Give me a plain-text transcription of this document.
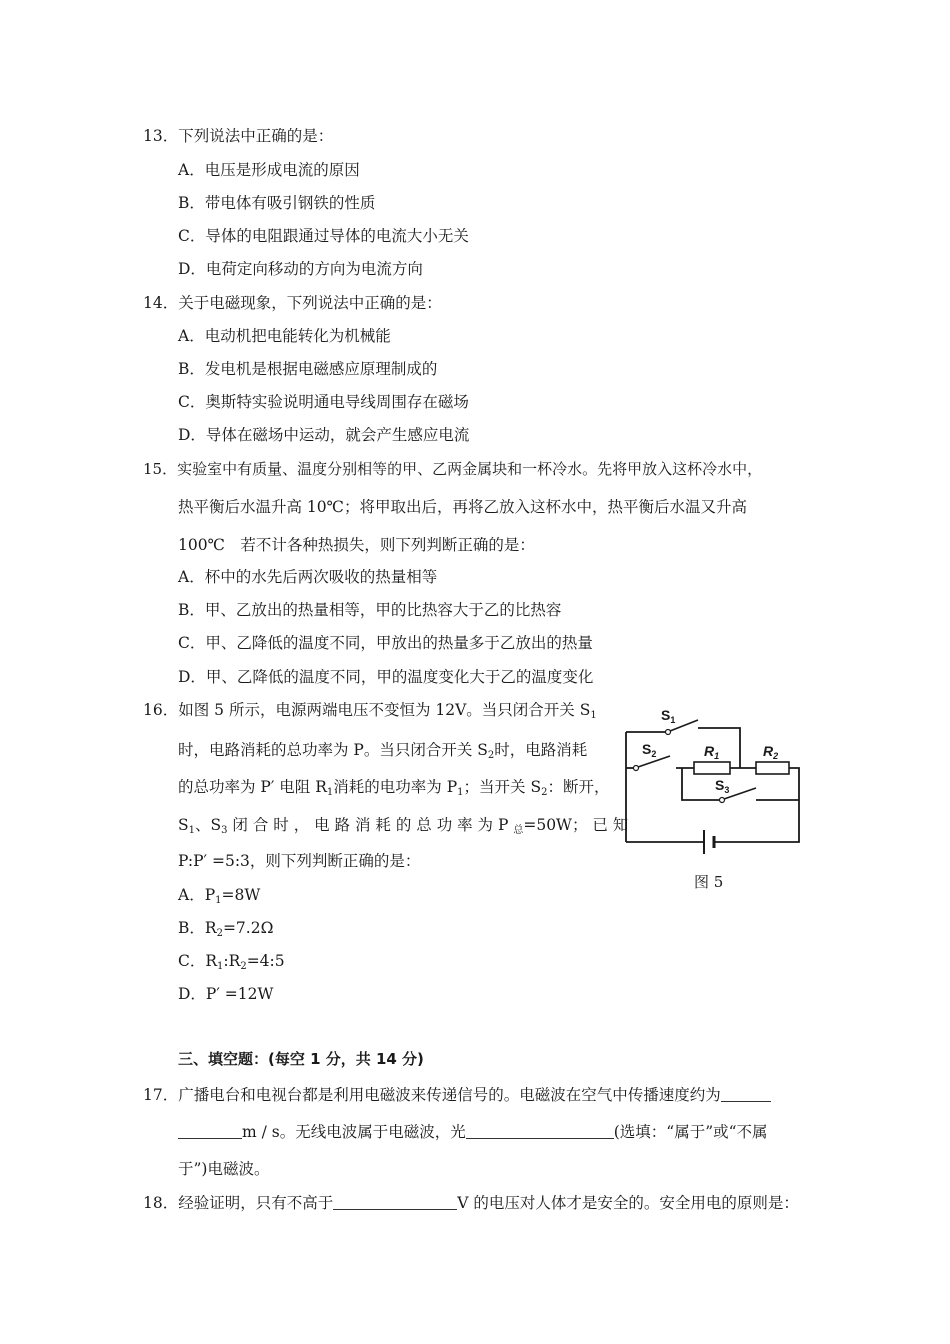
13．下列说法中正确的是：
A．电压是形成电流的原因
B．带电体有吸引钢铁的性质
C．导体的电阻跟通过导体的电流大小无关
D．电荷定向移动的方向为电流方向
14．关于电磁现象，下列说法中正确的是：
A．电动机把电能转化为机械能
B．发电机是根据电磁感应原理制成的
C．奥斯特实验说明通电导线周围存在磁场
D．导体在磁场中运动，就会产生感应电流
15．实验室中有质量、温度分别相等的甲、乙两金属块和一杯冷水。先将甲放入这杯冷水中，
热平衡后水温升高 10℃；将甲取出后，再将乙放入这杯水中，热平衡后水温又升高
100℃　若不计各种热损失，则下列判断正确的是：
A．杯中的水先后两次吸收的热量相等
B．甲、乙放出的热量相等，甲的比热容大于乙的比热容
C．甲、乙降低的温度不同，甲放出的热量多于乙放出的热量
D．甲、乙降低的温度不同，甲的温度变化大于乙的温度变化
16．如图 5 所示，电源两端电压不变恒为 12V。当只闭合开关 $S_1$
时，电路消耗的总功率为 P。当只闭合开关 $S_2$时，电路消耗
的总功率为 P′ 电阻 $R_1$消耗的电功率为 $P_1$；当开关 $S_2$：断开，
$S_1$、$S_3$ 闭 合 时 ， 电 路 消 耗 的 总 功 率 为 P $_总$=50W； 已 知
P:P′ =5:3，则下列判断正确的是：
A．$P_1=8W$
B．$R_2=7.2\Omega$
C．$R_1:R_2=4:5$
D．P′ =12W
$S_1$
$S_2$	$R_1$	$R_2$
$S_3$
图 5
三、填空题：(每空 1 分，共 14 分)
17．广播电台和电视台都是利用电磁波来传递信号的。电磁波在空气中传播速度约为
m / s。无线电波属于电磁波，光	(选填：“属于”或“不属
于”)电磁波。
18．经验证明，只有不高于	V 的电压对人体才是安全的。安全用电的原则是：
